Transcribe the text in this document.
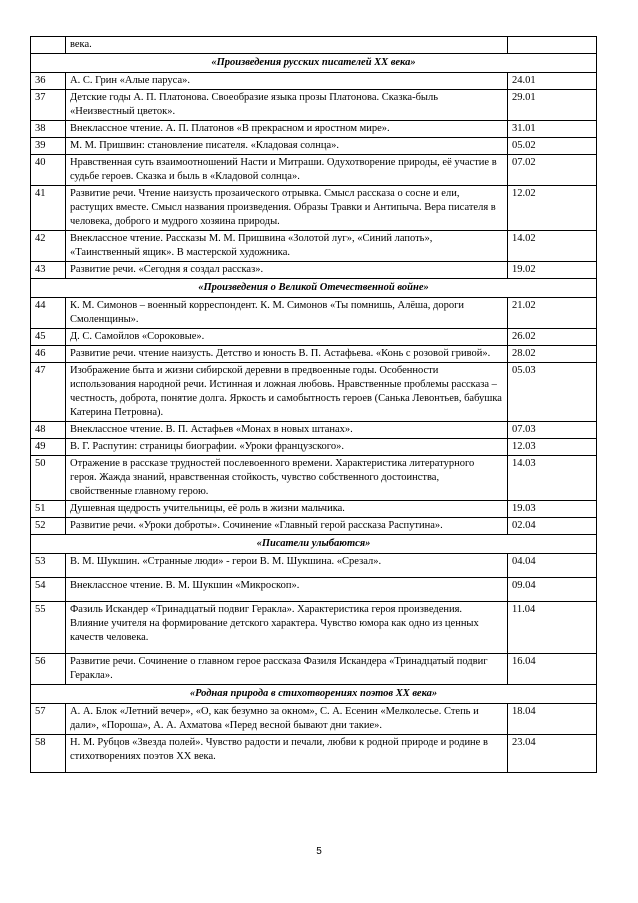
	века.	
«Произведения русских писателей XX века»		
36	А. С. Грин «Алые паруса».	24.01
37	Детские годы А. П. Платонова. Своеобразие языка прозы Платонова. Сказка-быль «Неизвестный цветок».	29.01
38	Внеклассное чтение. А. П. Платонов «В прекрасном и яростном мире».	31.01
39	М. М. Пришвин: становление писателя. «Кладовая солнца».	05.02
40	Нравственная суть взаимоотношений Насти и Митраши. Одухотворение природы, её участие в судьбе героев. Сказка и быль в «Кладовой солнца».	07.02
41	Развитие речи. Чтение наизусть прозаического отрывка. Смысл рассказа о сосне и ели, растущих вместе. Смысл названия произведения. Образы Травки и Антипыча. Вера писателя в человека, доброго и мудрого хозяина природы.	12.02
42	Внеклассное чтение. Рассказы М. М. Пришвина «Золотой луг», «Синий лапоть», «Таинственный ящик». В мастерской художника.	14.02
43	Развитие речи. «Сегодня я создал рассказ».	19.02
«Произведения о Великой Отечественной войне»		
44	К. М. Симонов – военный корреспондент. К. М. Симонов «Ты помнишь, Алёша, дороги Смоленщины».	21.02
45	Д. С. Самойлов «Сороковые».	26.02
46	Развитие речи. чтение наизусть. Детство и юность В. П. Астафьева. «Конь с розовой гривой».	28.02
47	Изображение быта и жизни сибирской деревни в предвоенные годы. Особенности использования народной речи. Истинная и ложная любовь. Нравственные проблемы рассказа – честность, доброта, понятие долга. Яркость и самобытность героев (Санька Левонтьев, бабушка Катерина Петровна).	05.03
48	Внеклассное чтение. В. П. Астафьев «Монах в новых штанах».	07.03
49	В. Г. Распутин: страницы биографии. «Уроки французского».	12.03
50	Отражение в рассказе трудностей послевоенного времени. Характеристика литературного героя. Жажда знаний, нравственная стойкость, чувство собственного достоинства, свойственные главному герою.	14.03
51	Душевная щедрость учительницы, её роль в жизни мальчика.	19.03
52	Развитие речи. «Уроки доброты». Сочинение «Главный герой рассказа Распутина».	02.04
«Писатели улыбаются»		
53	В. М. Шукшин. «Странные люди» - герои В. М. Шукшина. «Срезал».	04.04
54	Внеклассное чтение. В. М. Шукшин «Микроскоп».	09.04
55	Фазиль Искандер «Тринадцатый подвиг Геракла». Характеристика героя произведения. Влияние учителя на формирование детского характера. Чувство юмора как одно из ценных качеств человека.	11.04
56	Развитие речи. Сочинение о главном герое рассказа Фазиля Искандера «Тринадцатый подвиг Геракла».	16.04
«Родная природа в стихотворениях поэтов XX века»		
57	А. А. Блок «Летний вечер», «О, как безумно за окном», С. А. Есенин «Мелколесье. Степь и дали», «Пороша», А. А. Ахматова «Перед весной бывают дни такие».	18.04
58	Н. М. Рубцов «Звезда полей». Чувство радости и печали, любви к родной природе и родине в стихотворениях поэтов XX века.	23.04
5
